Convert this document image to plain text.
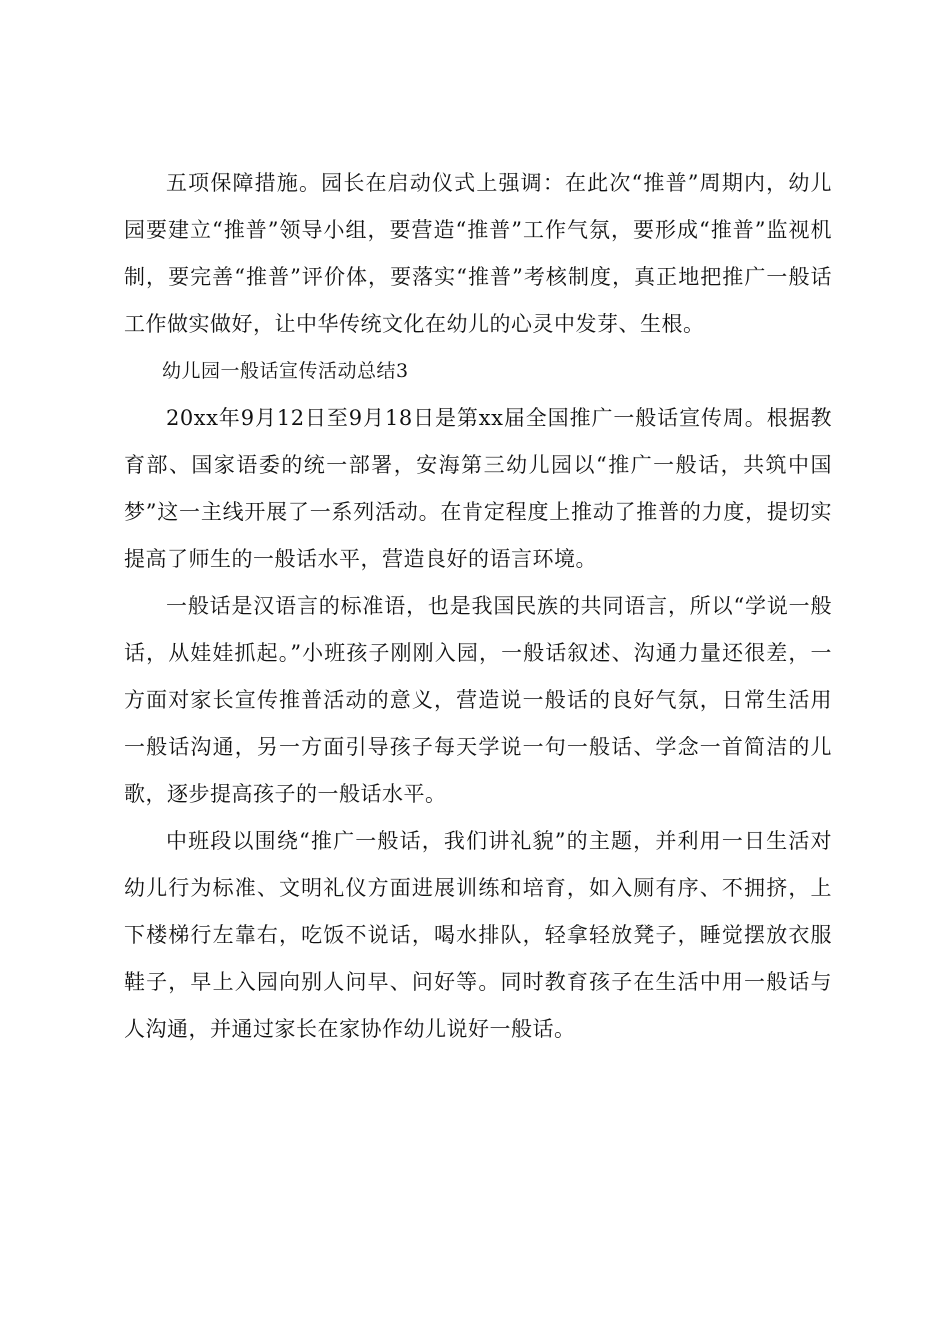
五项保障措施。园长在启动仪式上强调：在此次“推普”周期内，幼儿园要建立“推普”领导小组，要营造“推普”工作气氛，要形成“推普”监视机制，要完善“推普”评价体，要落实“推普”考核制度，真正地把推广一般话工作做实做好，让中华传统文化在幼儿的心灵中发芽、生根。

幼儿园一般话宣传活动总结3

20xx年9月12日至9月18日是第xx届全国推广一般话宣传周。根据教育部、国家语委的统一部署，安海第三幼儿园以“推广一般话，共筑中国梦”这一主线开展了一系列活动。在肯定程度上推动了推普的力度，提切实提高了师生的一般话水平，营造良好的语言环境。

一般话是汉语言的标准语，也是我国民族的共同语言，所以“学说一般话，从娃娃抓起。”小班孩子刚刚入园，一般话叙述、沟通力量还很差，一方面对家长宣传推普活动的意义，营造说一般话的良好气氛，日常生活用一般话沟通，另一方面引导孩子每天学说一句一般话、学念一首简洁的儿歌，逐步提高孩子的一般话水平。

中班段以围绕“推广一般话，我们讲礼貌”的主题，并利用一日生活对幼儿行为标准、文明礼仪方面进展训练和培育，如入厕有序、不拥挤，上下楼梯行左靠右，吃饭不说话，喝水排队，轻拿轻放凳子，睡觉摆放衣服鞋子，早上入园向别人问早、问好等。同时教育孩子在生活中用一般话与人沟通，并通过家长在家协作幼儿说好一般话。
